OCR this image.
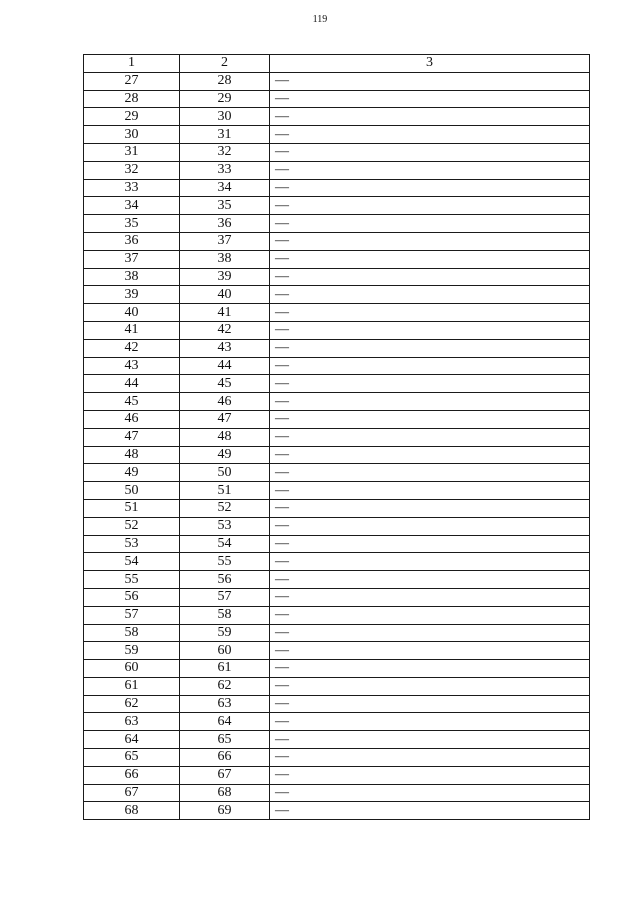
119
1	2	3
27	28	—
28	29	—
29	30	—
30	31	—
31	32	—
32	33	—
33	34	—
34	35	—
35	36	—
36	37	—
37	38	—
38	39	—
39	40	—
40	41	—
41	42	—
42	43	—
43	44	—
44	45	—
45	46	—
46	47	—
47	48	—
48	49	—
49	50	—
50	51	—
51	52	—
52	53	—
53	54	—
54	55	—
55	56	—
56	57	—
57	58	—
58	59	—
59	60	—
60	61	—
61	62	—
62	63	—
63	64	—
64	65	—
65	66	—
66	67	—
67	68	—
68	69	—
